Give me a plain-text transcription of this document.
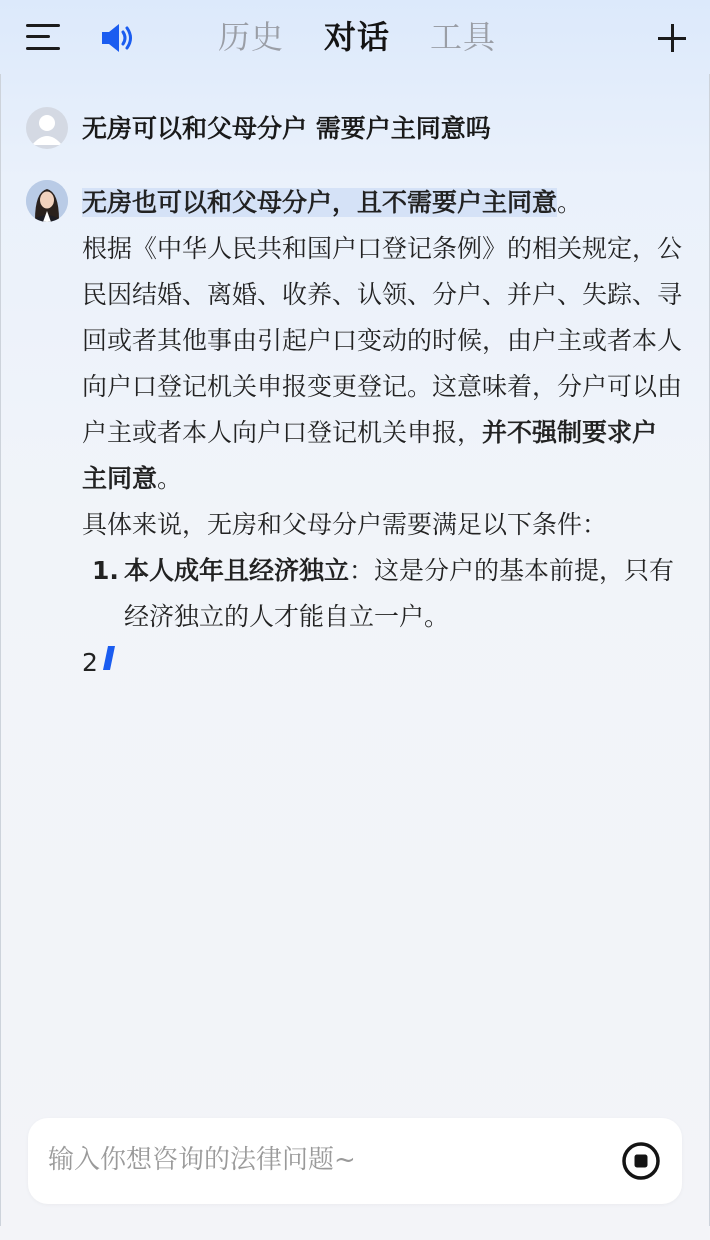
历史 对话 工具
无房可以和父母分户 需要户主同意吗

无房也可以和父母分户，且不需要户主同意。

根据《中华人民共和国户口登记条例》的相关规定，公民因结婚、离婚、收养、认领、分户、并户、失踪、寻回或者其他事由引起户口变动的时候，由户主或者本人向户口登记机关申报变更登记。这意味着，分户可以由户主或者本人向户口登记机关申报，并不强制要求户主同意。

具体来说，无房和父母分户需要满足以下条件：

1. 本人成年且经济独立：这是分户的基本前提，只有经济独立的人才能自立一户。

2

输入你想咨询的法律问题~
